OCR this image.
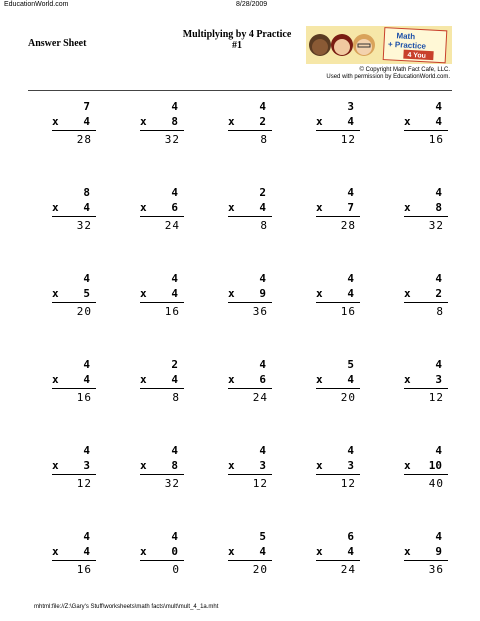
EducationWorld.com	8/28/2009
Answer Sheet
Multiplying by 4 Practice
#1
Math
+ Practice
4 You
© Copyright Math Fact Cafe, LLC.
Used with permission by EducationWorld.com.
7
x 4
28
4
x 8
32
4
x 2
8
3
x 4
12
4
x 4
16
8
x 4
32
4
x 6
24
2
x 4
8
4
x 7
28
4
x 8
32
4
x 5
20
4
x 4
16
4
x 9
36
4
x 4
16
4
x 2
8
4
x 4
16
2
x 4
8
4
x 6
24
5
x 4
20
4
x 3
12
4
x 3
12
4
x 8
32
4
x 3
12
4
x 3
12
4
x 10
40
4
x 4
16
4
x 0
0
5
x 4
20
6
x 4
24
4
x 9
36
mhtml:file://Z:\Gary's Stuff\worksheets\math facts\mult\mult_4_1a.mht
